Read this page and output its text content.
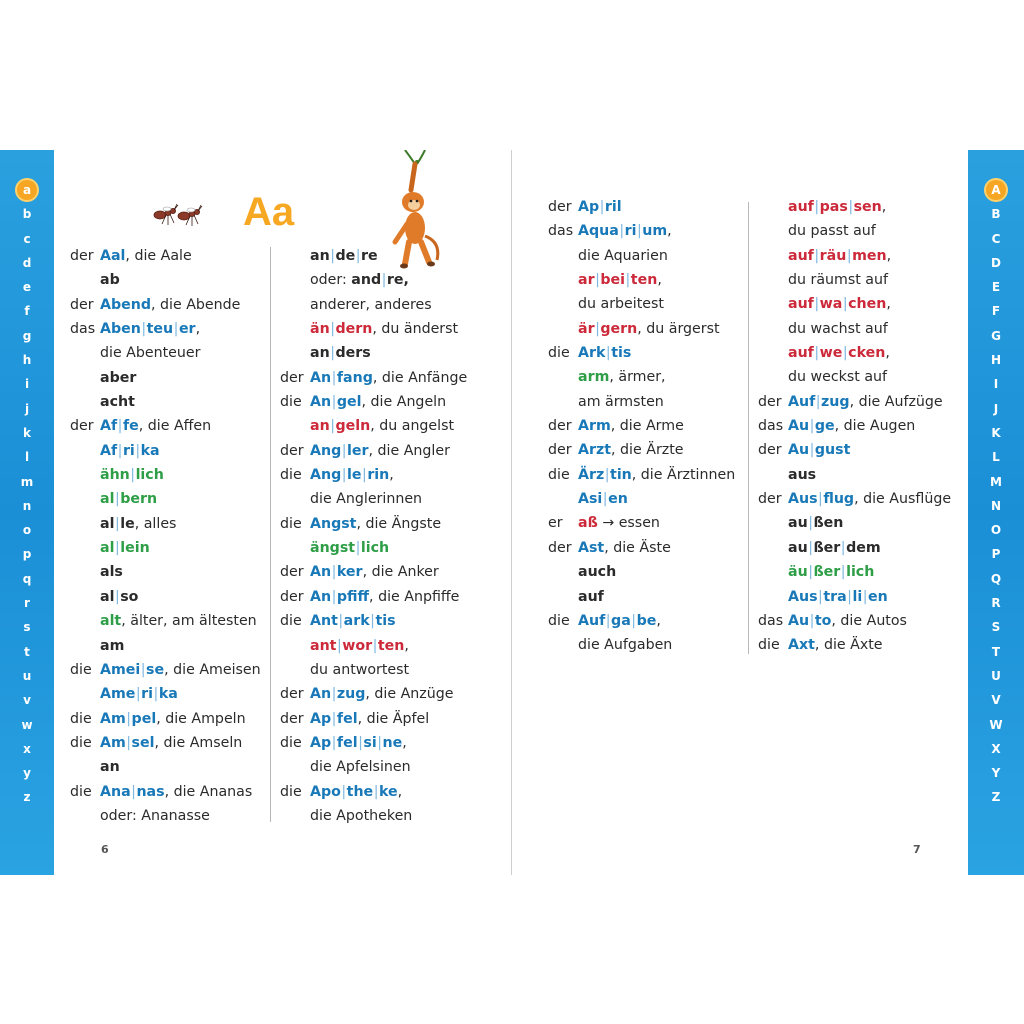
a
b
c
d
e
f
g
h
i
j
k
l
m
n
o
p
q
r
s
t
u
v
w
x
y
z
A
B
C
D
E
F
G
H
I
J
K
L
M
N
O
P
Q
R
S
T
U
V
W
X
Y
Z
Aa
der Aal, die Aale
ab
der Abend, die Abende
das Aben|teu|er,
die Abenteuer
aber
acht
der Af|fe, die Affen
Af|ri|ka
ähn|lich
al|bern
al|le, alles
al|lein
als
al|so
alt, älter, am ältesten
am
die Amei|se, die Ameisen
Ame|ri|ka
die Am|pel, die Ampeln
die Am|sel, die Amseln
an
die Ana|nas, die Ananas
oder: Ananasse
an|de|re
oder: and|re,
anderer, anderes
än|dern, du änderst
an|ders
der An|fang, die Anfänge
die An|gel, die Angeln
an|geln, du angelst
der Ang|ler, die Angler
die Ang|le|rin,
die Anglerinnen
die Angst, die Ängste
ängst|lich
der An|ker, die Anker
der An|pfiff, die Anpfiffe
die Ant|ark|tis
ant|wor|ten,
du antwortest
der An|zug, die Anzüge
der Ap|fel, die Äpfel
die Ap|fel|si|ne,
die Apfelsinen
die Apo|the|ke,
die Apotheken
der Ap|ril
das Aqua|ri|um,
die Aquarien
ar|bei|ten,
du arbeitest
är|gern, du ärgerst
die Ark|tis
arm, ärmer,
am ärmsten
der Arm, die Arme
der Arzt, die Ärzte
die Ärz|tin, die Ärztinnen
Asi|en
er aß → essen
der Ast, die Äste
auch
auf
die Auf|ga|be,
die Aufgaben
auf|pas|sen,
du passt auf
auf|räu|men,
du räumst auf
auf|wa|chen,
du wachst auf
auf|we|cken,
du weckst auf
der Auf|zug, die Aufzüge
das Au|ge, die Augen
der Au|gust
aus
der Aus|flug, die Ausflüge
au|ßen
au|ßer|dem
äu|ßer|lich
Aus|tra|li|en
das Au|to, die Autos
die Axt, die Äxte
6	7
